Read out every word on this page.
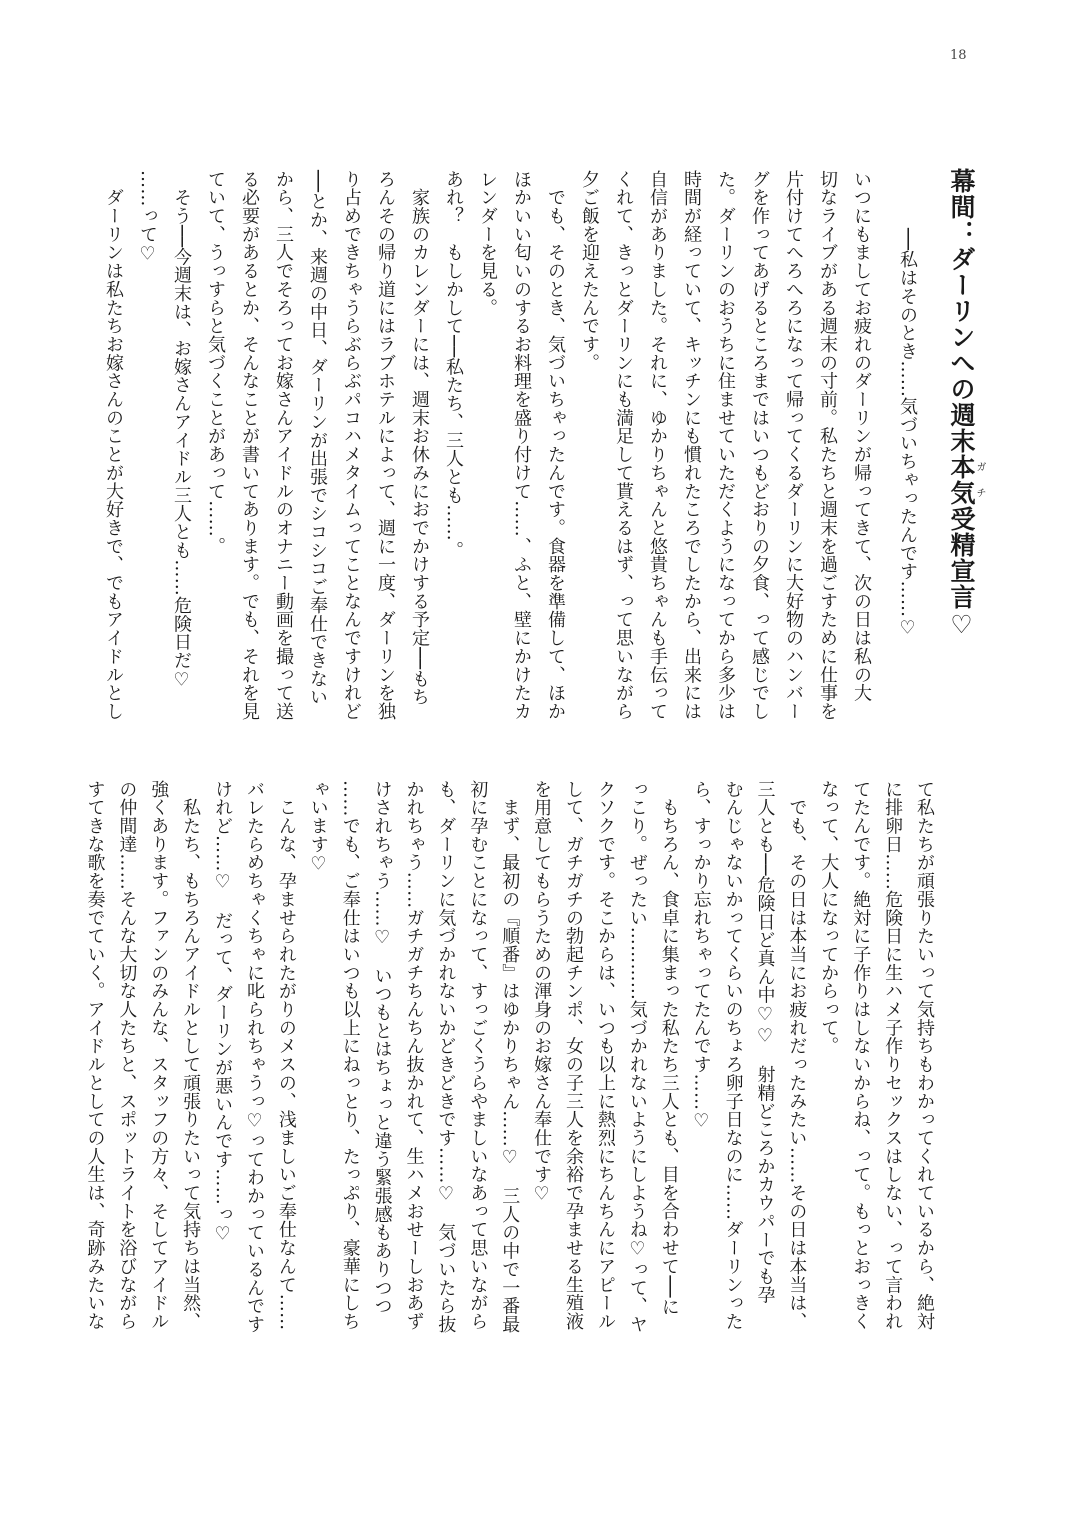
18
幕間：ダーリンへの週末本気ガチ受精宣言♡
──私はそのとき……気づいちゃったんです……♡
いつにもましてお疲れのダーリンが帰ってきて、次の日は私の大
切なライブがある週末の寸前。私たちと週末を過ごすために仕事を
片付けてへろへろになって帰ってくるダーリンに大好物のハンバー
グを作ってあげるところまではいつもどおりの夕食、って感じでし
た。ダーリンのおうちに住ませていただくようになってから多少は
時間が経っていて、キッチンにも慣れたころでしたから、出来には
自信がありました。それに、ゆかりちゃんと悠貴ちゃんも手伝って
くれて、きっとダーリンにも満足して貰えるはず、って思いながら
夕ご飯を迎えたんです。
　でも、そのとき、気づいちゃったんです。食器を準備して、ほか
ほかいい匂いのするお料理を盛り付けて……、ふと、壁にかけたカ
レンダーを見る。
あれ？　もしかして──私たち、三人とも……。
　家族のカレンダーには、週末お休みにおでかけする予定──もち
ろんその帰り道にはラブホテルによって、週に一度、ダーリンを独
り占めできちゃうらぶらぶパコハメタイムってことなんですけれど
──とか、来週の中日、ダーリンが出張でシコシコご奉仕できない
から、三人でそろってお嫁さんアイドルのオナニー動画を撮って送
る必要があるとか、そんなことが書いてあります。でも、それを見
ていて、うっすらと気づくことがあって……。
　そう──今週末は、お嫁さんアイドル三人とも……危険日だ♡
……って♡
　ダーリンは私たちお嫁さんのことが大好きで、でもアイドルとし
て私たちが頑張りたいって気持ちもわかってくれているから、絶対
に排卵日……危険日に生ハメ子作りセックスはしない、って言われ
てたんです。絶対に子作りはしないからね、って。もっとおっきく
なって、大人になってからって。
　でも、その日は本当にお疲れだったみたい……その日は本当は、
三人とも──危険日ど真ん中♡♡　射精どころかカウパーでも孕
むんじゃないかってくらいのちょろ卵子日なのに……ダーリンった
ら、すっかり忘れちゃってたんです……♡
　もちろん、食卓に集まった私たち三人とも、目を合わせて──に
っこり。ぜったい…………気づかれないようにしようね♡って、ヤ
クソクです。そこからは、いつも以上に熱烈にちんちんにアピール
して、ガチガチの勃起チンポ、女の子三人を余裕で孕ませる生殖液
を用意してもらうための渾身のお嫁さん奉仕です♡
　まず、最初の『順番』はゆかりちゃん……♡　三人の中で一番最
初に孕むことになって、すっごくうらやましいなあって思いながら
も、ダーリンに気づかれないかどきどきです……♡　気づいたら抜
かれちゃう……ガチガチちんちん抜かれて、生ハメおせーしおあず
けされちゃう……♡　いつもとはちょっと違う緊張感もありつつ
……でも、ご奉仕はいつも以上にねっとり、たっぷり、豪華にしち
ゃいます♡
　こんな、孕ませられたがりのメスの、浅ましいご奉仕なんて……
バレたらめちゃくちゃに叱られちゃうっ♡ってわかっているんです
けれど……♡　だって、ダーリンが悪いんです……っ♡
　私たち、もちろんアイドルとして頑張りたいって気持ちは当然、
強くあります。ファンのみんな、スタッフの方々、そしてアイドル
の仲間達……そんな大切な人たちと、スポットライトを浴びながら
すてきな歌を奏でていく。アイドルとしての人生は、奇跡みたいな
